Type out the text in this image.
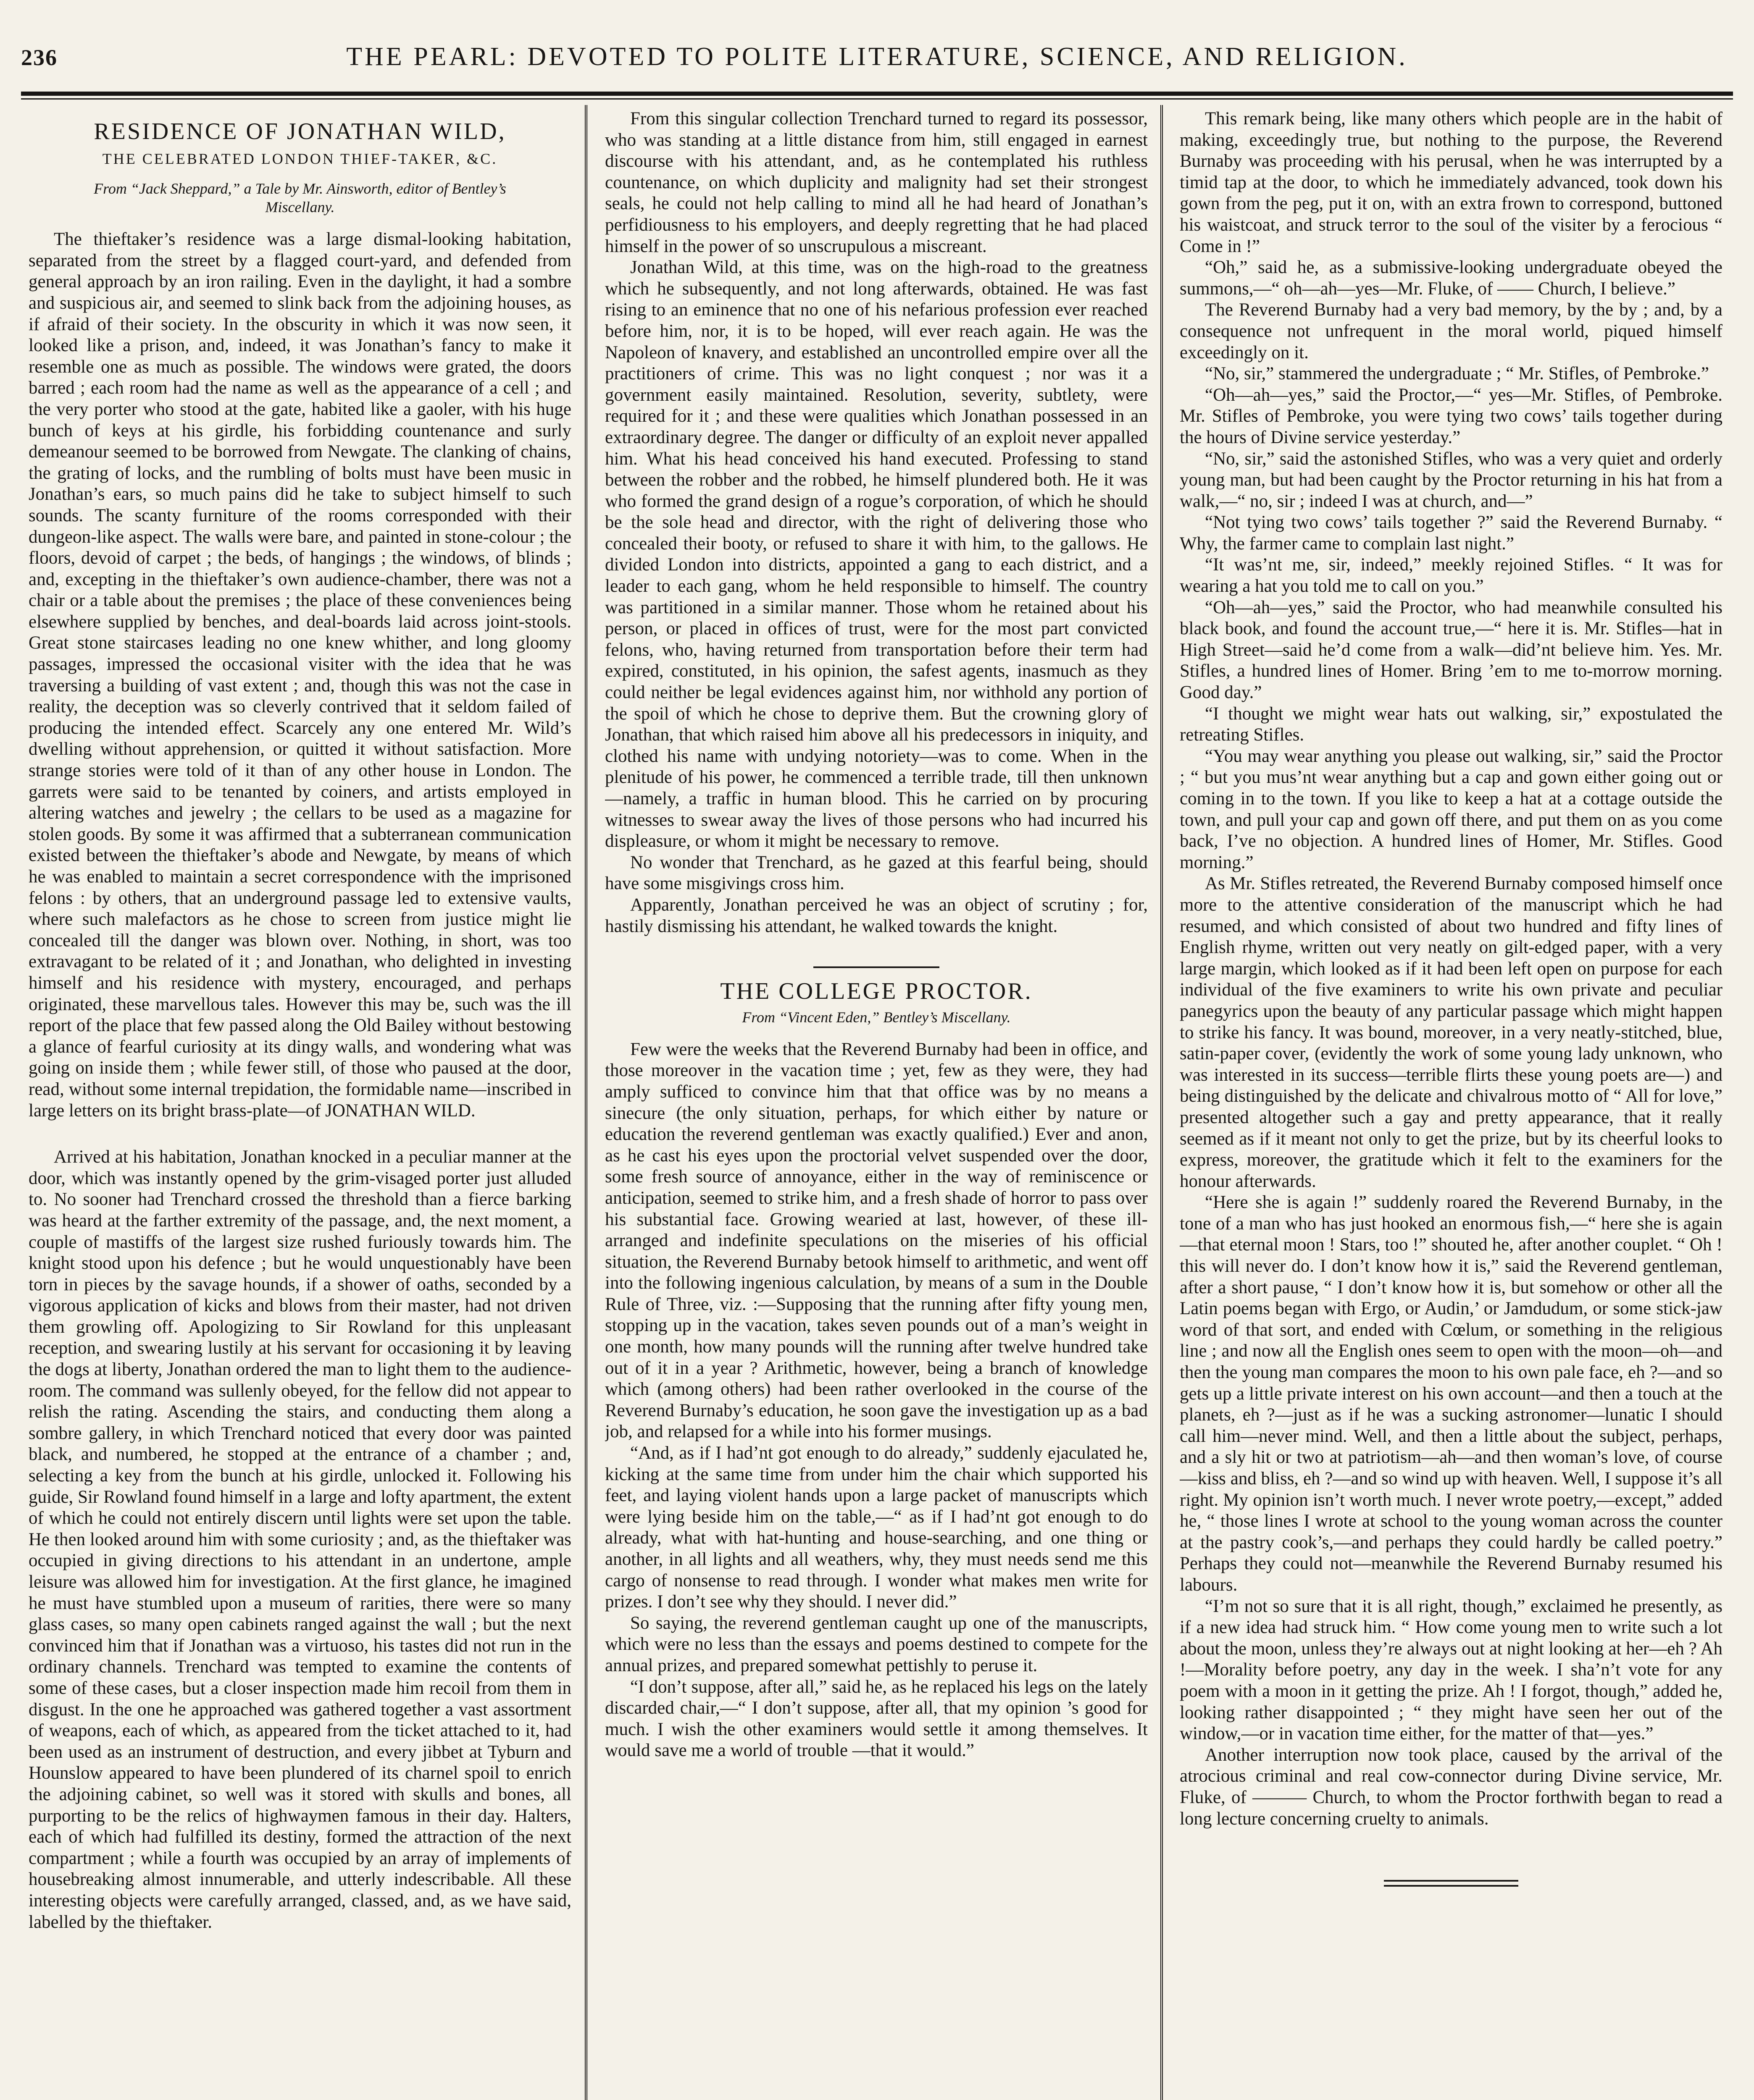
236	THE PEARL: DEVOTED TO POLITE LITERATURE, SCIENCE, AND RELIGION.
RESIDENCE OF JONATHAN WILD,
THE CELEBRATED LONDON THIEF-TAKER, &C.
From “Jack Sheppard,” a Tale by Mr. Ainsworth, editor of Bentley’s Miscellany.

The thieftaker’s residence was a large dismal-looking habitation, separated from the street by a flagged court-yard, and defended from general approach by an iron railing. Even in the daylight, it had a sombre and suspicious air, and seemed to slink back from the adjoining houses, as if afraid of their society. In the obscurity in which it was now seen, it looked like a prison, and, indeed, it was Jonathan’s fancy to make it resemble one as much as possible. The windows were grated, the doors barred ; each room had the name as well as the appearance of a cell ; and the very porter who stood at the gate, habited like a gaoler, with his huge bunch of keys at his girdle, his forbidding countenance and surly demeanour seemed to be borrowed from Newgate. The clanking of chains, the grating of locks, and the rumbling of bolts must have been music in Jonathan’s ears, so much pains did he take to subject himself to such sounds. The scanty furniture of the rooms corresponded with their dungeon-like aspect. The walls were bare, and painted in stone-colour ; the floors, devoid of carpet ; the beds, of hangings ; the windows, of blinds ; and, excepting in the thieftaker’s own audience-chamber, there was not a chair or a table about the premises ; the place of these conveniences being elsewhere supplied by benches, and deal-boards laid across joint-stools. Great stone staircases leading no one knew whither, and long gloomy passages, impressed the occasional visiter with the idea that he was traversing a building of vast extent ; and, though this was not the case in reality, the deception was so cleverly contrived that it seldom failed of producing the intended effect. Scarcely any one entered Mr. Wild’s dwelling without apprehension, or quitted it without satisfaction. More strange stories were told of it than of any other house in London. The garrets were said to be tenanted by coiners, and artists employed in altering watches and jewelry ; the cellars to be used as a magazine for stolen goods. By some it was affirmed that a subterranean communication existed between the thieftaker’s abode and Newgate, by means of which he was enabled to maintain a secret correspondence with the imprisoned felons : by others, that an underground passage led to extensive vaults, where such malefactors as he chose to screen from justice might lie concealed till the danger was blown over. Nothing, in short, was too extravagant to be related of it ; and Jonathan, who delighted in investing himself and his residence with mystery, encouraged, and perhaps originated, these marvellous tales. However this may be, such was the ill report of the place that few passed along the Old Bailey without bestowing a glance of fearful curiosity at its dingy walls, and wondering what was going on inside them ; while fewer still, of those who paused at the door, read, without some internal trepidation, the formidable name—inscribed in large letters on its bright brass-plate—of JONATHAN WILD.

Arrived at his habitation, Jonathan knocked in a peculiar manner at the door, which was instantly opened by the grim-visaged porter just alluded to. No sooner had Trenchard crossed the threshold than a fierce barking was heard at the farther extremity of the passage, and, the next moment, a couple of mastiffs of the largest size rushed furiously towards him. The knight stood upon his defence ; but he would unquestionably have been torn in pieces by the savage hounds, if a shower of oaths, seconded by a vigorous application of kicks and blows from their master, had not driven them growling off. Apologizing to Sir Rowland for this unpleasant reception, and swearing lustily at his servant for occasioning it by leaving the dogs at liberty, Jonathan ordered the man to light them to the audience-room. The command was sullenly obeyed, for the fellow did not appear to relish the rating. Ascending the stairs, and conducting them along a sombre gallery, in which Trenchard noticed that every door was painted black, and numbered, he stopped at the entrance of a chamber ; and, selecting a key from the bunch at his girdle, unlocked it. Following his guide, Sir Rowland found himself in a large and lofty apartment, the extent of which he could not entirely discern until lights were set upon the table. He then looked around him with some curiosity ; and, as the thieftaker was occupied in giving directions to his attendant in an undertone, ample leisure was allowed him for investigation. At the first glance, he imagined he must have stumbled upon a museum of rarities, there were so many glass cases, so many open cabinets ranged against the wall ; but the next convinced him that if Jonathan was a virtuoso, his tastes did not run in the ordinary channels. Trenchard was tempted to examine the contents of some of these cases, but a closer inspection made him recoil from them in disgust. In the one he approached was gathered together a vast assortment of weapons, each of which, as appeared from the ticket attached to it, had been used as an instrument of destruction, and every jibbet at Tyburn and Hounslow appeared to have been plundered of its charnel spoil to enrich the adjoining cabinet, so well was it stored with skulls and bones, all purporting to be the relics of highwaymen famous in their day. Halters, each of which had fulfilled its destiny, formed the attraction of the next compartment ; while a fourth was occupied by an array of implements of housebreaking almost innumerable, and utterly indescribable. All these interesting objects were carefully arranged, classed, and, as we have said, labelled by the thieftaker.

From this singular collection Trenchard turned to regard its possessor, who was standing at a little distance from him, still engaged in earnest discourse with his attendant, and, as he contemplated his ruthless countenance, on which duplicity and malignity had set their strongest seals, he could not help calling to mind all he had heard of Jonathan’s perfidiousness to his employers, and deeply regretting that he had placed himself in the power of so unscrupulous a miscreant.

Jonathan Wild, at this time, was on the high-road to the greatness which he subsequently, and not long afterwards, obtained. He was fast rising to an eminence that no one of his nefarious profession ever reached before him, nor, it is to be hoped, will ever reach again. He was the Napoleon of knavery, and established an uncontrolled empire over all the practitioners of crime. This was no light conquest ; nor was it a government easily maintained. Resolution, severity, subtlety, were required for it ; and these were qualities which Jonathan possessed in an extraordinary degree. The danger or difficulty of an exploit never appalled him. What his head conceived his hand executed. Professing to stand between the robber and the robbed, he himself plundered both. He it was who formed the grand design of a rogue’s corporation, of which he should be the sole head and director, with the right of delivering those who concealed their booty, or refused to share it with him, to the gallows. He divided London into districts, appointed a gang to each district, and a leader to each gang, whom he held responsible to himself. The country was partitioned in a similar manner. Those whom he retained about his person, or placed in offices of trust, were for the most part convicted felons, who, having returned from transportation before their term had expired, constituted, in his opinion, the safest agents, inasmuch as they could neither be legal evidences against him, nor withhold any portion of the spoil of which he chose to deprive them. But the crowning glory of Jonathan, that which raised him above all his predecessors in iniquity, and clothed his name with undying notoriety—was to come. When in the plenitude of his power, he commenced a terrible trade, till then unknown—namely, a traffic in human blood. This he carried on by procuring witnesses to swear away the lives of those persons who had incurred his displeasure, or whom it might be necessary to remove.

No wonder that Trenchard, as he gazed at this fearful being, should have some misgivings cross him.

Apparently, Jonathan perceived he was an object of scrutiny ; for, hastily dismissing his attendant, he walked towards the knight.

THE COLLEGE PROCTOR.
From “Vincent Eden,” Bentley’s Miscellany.

Few were the weeks that the Reverend Burnaby had been in office, and those moreover in the vacation time ; yet, few as they were, they had amply sufficed to convince him that that office was by no means a sinecure (the only situation, perhaps, for which either by nature or education the reverend gentleman was exactly qualified.) Ever and anon, as he cast his eyes upon the proctorial velvet suspended over the door, some fresh source of annoyance, either in the way of reminiscence or anticipation, seemed to strike him, and a fresh shade of horror to pass over his substantial face. Growing wearied at last, however, of these ill-arranged and indefinite speculations on the miseries of his official situation, the Reverend Burnaby betook himself to arithmetic, and went off into the following ingenious calculation, by means of a sum in the Double Rule of Three, viz. :—Supposing that the running after fifty young men, stopping up in the vacation, takes seven pounds out of a man’s weight in one month, how many pounds will the running after twelve hundred take out of it in a year ? Arithmetic, however, being a branch of knowledge which (among others) had been rather overlooked in the course of the Reverend Burnaby’s education, he soon gave the investigation up as a bad job, and relapsed for a while into his former musings.

“And, as if I had’nt got enough to do already,” suddenly ejaculated he, kicking at the same time from under him the chair which supported his feet, and laying violent hands upon a large packet of manuscripts which were lying beside him on the table,—“ as if I had’nt got enough to do already, what with hat-hunting and house-searching, and one thing or another, in all lights and all weathers, why, they must needs send me this cargo of nonsense to read through. I wonder what makes men write for prizes. I don’t see why they should. I never did.”

So saying, the reverend gentleman caught up one of the manuscripts, which were no less than the essays and poems destined to compete for the annual prizes, and prepared somewhat pettishly to peruse it.

“I don’t suppose, after all,” said he, as he replaced his legs on the lately discarded chair,—“ I don’t suppose, after all, that my opinion ’s good for much. I wish the other examiners would settle it among themselves. It would save me a world of trouble —that it would.”

This remark being, like many others which people are in the habit of making, exceedingly true, but nothing to the purpose, the Reverend Burnaby was proceeding with his perusal, when he was interrupted by a timid tap at the door, to which he immediately advanced, took down his gown from the peg, put it on, with an extra frown to correspond, buttoned his waistcoat, and struck terror to the soul of the visiter by a ferocious “ Come in !”

“Oh,” said he, as a submissive-looking undergraduate obeyed the summons,—“ oh—ah—yes—Mr. Fluke, of —— Church, I believe.”

The Reverend Burnaby had a very bad memory, by the by ; and, by a consequence not unfrequent in the moral world, piqued himself exceedingly on it.

“No, sir,” stammered the undergraduate ; “ Mr. Stifles, of Pembroke.”

“Oh—ah—yes,” said the Proctor,—“ yes—Mr. Stifles, of Pembroke. Mr. Stifles of Pembroke, you were tying two cows’ tails together during the hours of Divine service yesterday.”

“No, sir,” said the astonished Stifles, who was a very quiet and orderly young man, but had been caught by the Proctor returning in his hat from a walk,—“ no, sir ; indeed I was at church, and—”

“Not tying two cows’ tails together ?” said the Reverend Burnaby. “ Why, the farmer came to complain last night.”

“It was’nt me, sir, indeed,” meekly rejoined Stifles. “ It was for wearing a hat you told me to call on you.”

“Oh—ah—yes,” said the Proctor, who had meanwhile consulted his black book, and found the account true,—“ here it is. Mr. Stifles—hat in High Street—said he’d come from a walk—did’nt believe him. Yes. Mr. Stifles, a hundred lines of Homer. Bring ’em to me to-morrow morning. Good day.”

“I thought we might wear hats out walking, sir,” expostulated the retreating Stifles.

“You may wear anything you please out walking, sir,” said the Proctor ; “ but you mus’nt wear anything but a cap and gown either going out or coming in to the town. If you like to keep a hat at a cottage outside the town, and pull your cap and gown off there, and put them on as you come back, I’ve no objection. A hundred lines of Homer, Mr. Stifles. Good morning.”

As Mr. Stifles retreated, the Reverend Burnaby composed himself once more to the attentive consideration of the manuscript which he had resumed, and which consisted of about two hundred and fifty lines of English rhyme, written out very neatly on gilt-edged paper, with a very large margin, which looked as if it had been left open on purpose for each individual of the five examiners to write his own private and peculiar panegyrics upon the beauty of any particular passage which might happen to strike his fancy. It was bound, moreover, in a very neatly-stitched, blue, satin-paper cover, (evidently the work of some young lady unknown, who was interested in its success—terrible flirts these young poets are—) and being distinguished by the delicate and chivalrous motto of “ All for love,” presented altogether such a gay and pretty appearance, that it really seemed as if it meant not only to get the prize, but by its cheerful looks to express, moreover, the gratitude which it felt to the examiners for the honour afterwards.

“Here she is again !” suddenly roared the Reverend Burnaby, in the tone of a man who has just hooked an enormous fish,—“ here she is again—that eternal moon ! Stars, too !” shouted he, after another couplet. “ Oh ! this will never do. I don’t know how it is,” said the Reverend gentleman, after a short pause, “ I don’t know how it is, but somehow or other all the Latin poems began with Ergo, or Audin,’ or Jamdudum, or some stick-jaw word of that sort, and ended with Cœlum, or something in the religious line ; and now all the English ones seem to open with the moon—oh—and then the young man compares the moon to his own pale face, eh ?—and so gets up a little private interest on his own account—and then a touch at the planets, eh ?—just as if he was a sucking astronomer—lunatic I should call him—never mind. Well, and then a little about the subject, perhaps, and a sly hit or two at patriotism—ah—and then woman’s love, of course—kiss and bliss, eh ?—and so wind up with heaven. Well, I suppose it’s all right. My opinion isn’t worth much. I never wrote poetry,—except,” added he, “ those lines I wrote at school to the young woman across the counter at the pastry cook’s,—and perhaps they could hardly be called poetry.” Perhaps they could not—meanwhile the Reverend Burnaby resumed his labours.

“I’m not so sure that it is all right, though,” exclaimed he presently, as if a new idea had struck him. “ How come young men to write such a lot about the moon, unless they’re always out at night looking at her—eh ? Ah !—Morality before poetry, any day in the week. I sha’n’t vote for any poem with a moon in it getting the prize. Ah ! I forgot, though,” added he, looking rather disappointed ; “ they might have seen her out of the window,—or in vacation time either, for the matter of that—yes.”

Another interruption now took place, caused by the arrival of the atrocious criminal and real cow-connector during Divine service, Mr. Fluke, of ——— Church, to whom the Proctor forthwith began to read a long lecture concerning cruelty to animals.
